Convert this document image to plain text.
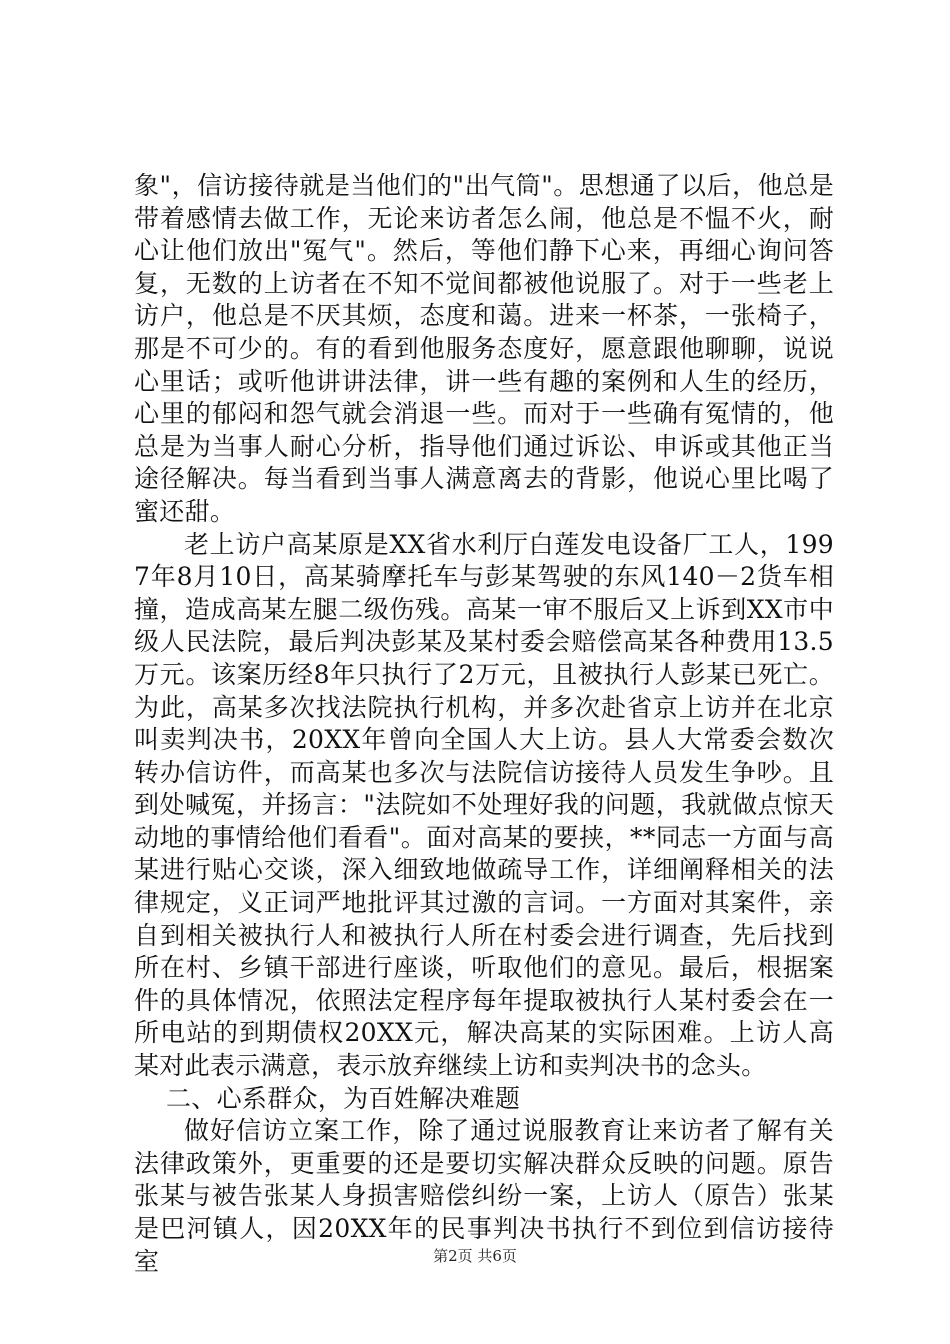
象"，信访接待就是当他们的"出气筒"。思想通了以后，他总是带着感情去做工作，无论来访者怎么闹，他总是不愠不火，耐心让他们放出"冤气"。然后，等他们静下心来，再细心询问答复，无数的上访者在不知不觉间都被他说服了。对于一些老上访户，他总是不厌其烦，态度和蔼。进来一杯茶，一张椅子，那是不可少的。有的看到他服务态度好，愿意跟他聊聊，说说心里话；或听他讲讲法律，讲一些有趣的案例和人生的经历，心里的郁闷和怨气就会消退一些。而对于一些确有冤情的，他总是为当事人耐心分析，指导他们通过诉讼、申诉或其他正当途径解决。每当看到当事人满意离去的背影，他说心里比喝了蜜还甜。

老上访户高某原是XX省水利厅白莲发电设备厂工人，1997年8月10日，高某骑摩托车与彭某驾驶的东风140－2货车相撞，造成高某左腿二级伤残。高某一审不服后又上诉到XX市中级人民法院，最后判决彭某及某村委会赔偿高某各种费用13.5万元。该案历经8年只执行了2万元，且被执行人彭某已死亡。为此，高某多次找法院执行机构，并多次赴省京上访并在北京叫卖判决书，20XX年曾向全国人大上访。县人大常委会数次转办信访件，而高某也多次与法院信访接待人员发生争吵。且到处喊冤，并扬言："法院如不处理好我的问题，我就做点惊天动地的事情给他们看看"。面对高某的要挟，**同志一方面与高某进行贴心交谈，深入细致地做疏导工作，详细阐释相关的法律规定，义正词严地批评其过激的言词。一方面对其案件，亲自到相关被执行人和被执行人所在村委会进行调查，先后找到所在村、乡镇干部进行座谈，听取他们的意见。最后，根据案件的具体情况，依照法定程序每年提取被执行人某村委会在一所电站的到期债权20XX元，解决高某的实际困难。上访人高某对此表示满意，表示放弃继续上访和卖判决书的念头。

二、心系群众，为百姓解决难题

做好信访立案工作，除了通过说服教育让来访者了解有关法律政策外，更重要的还是要切实解决群众反映的问题。原告张某与被告张某人身损害赔偿纠纷一案，上访人（原告）张某是巴河镇人，因20XX年的民事判决书执行不到位到信访接待室	第2页 共6页
